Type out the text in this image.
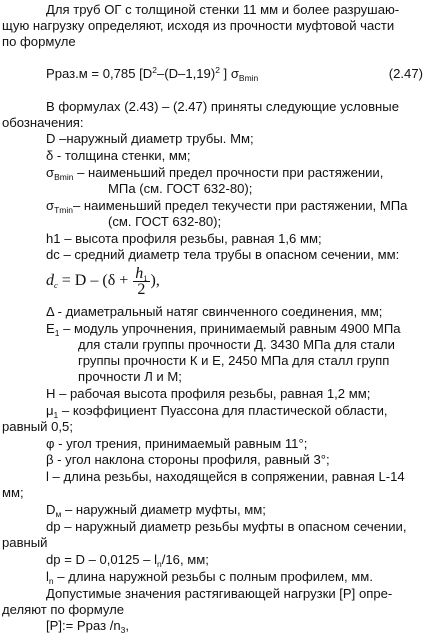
Для труб ОГ с толщиной стенки 11 мм и более разрушаю-
щую нагрузку определяют, исходя из прочности муфтовой части
по формуле
Рраз.м = 0,785 [$D^2-(D-1,19)^2$ ] $\sigma_{Bmin}$	(2.47)
В формулах (2.43) – (2.47) приняты следующие условные
обозначения:
D –наружный диаметр трубы. Мм;
δ - толщина стенки, мм;
$\sigma_{Bmin}$ – наименьший предел прочности при растяжении,
МПа (см. ГОСТ 632-80);
$\sigma_{Tmin}-$ наименьший предел текучести при растяжении, МПа
(см. ГОСТ 632-80);
h1 – высота профиля резьбы, равная 1,6 мм;
dc – средний диаметр тела трубы в опасном сечении, мм:
$d_c = D - (\delta + \frac{h_1}{2}$ ),
Δ - диаметральный натяг свинченного соединения, мм;
$E_1$ – модуль упрочнения, принимаемый равным 4900 МПа
для стали группы прочности Д. 3430 МПа для стали
группы прочности К и Е, 2450 МПа для сталл групп
прочности Л и М;
Н – рабочая высота профиля резьбы, равная 1,2 мм;
$\mu_1$ – коэффициент Пуассона для пластической области,
равный 0,5;
φ - угол трения, принимаемый равным 11°;
β - угол наклона стороны профиля, равный 3°;
l – длина резьбы, находящейся в сопряжении, равная L-14
мм;
$D_м$ – наружный диаметр муфты, мм;
dp – наружный диаметр резьбы муфты в опасном сечении,
равный
dp = D – $0,0125 - l_n/16$, мм;
$l_n$ – длина наружной резьбы с полным профилем, мм.
Допустимые значения растягивающей нагрузки [P] опре-
деляют по формуле
[P]:= Рраз $/n_3$,
